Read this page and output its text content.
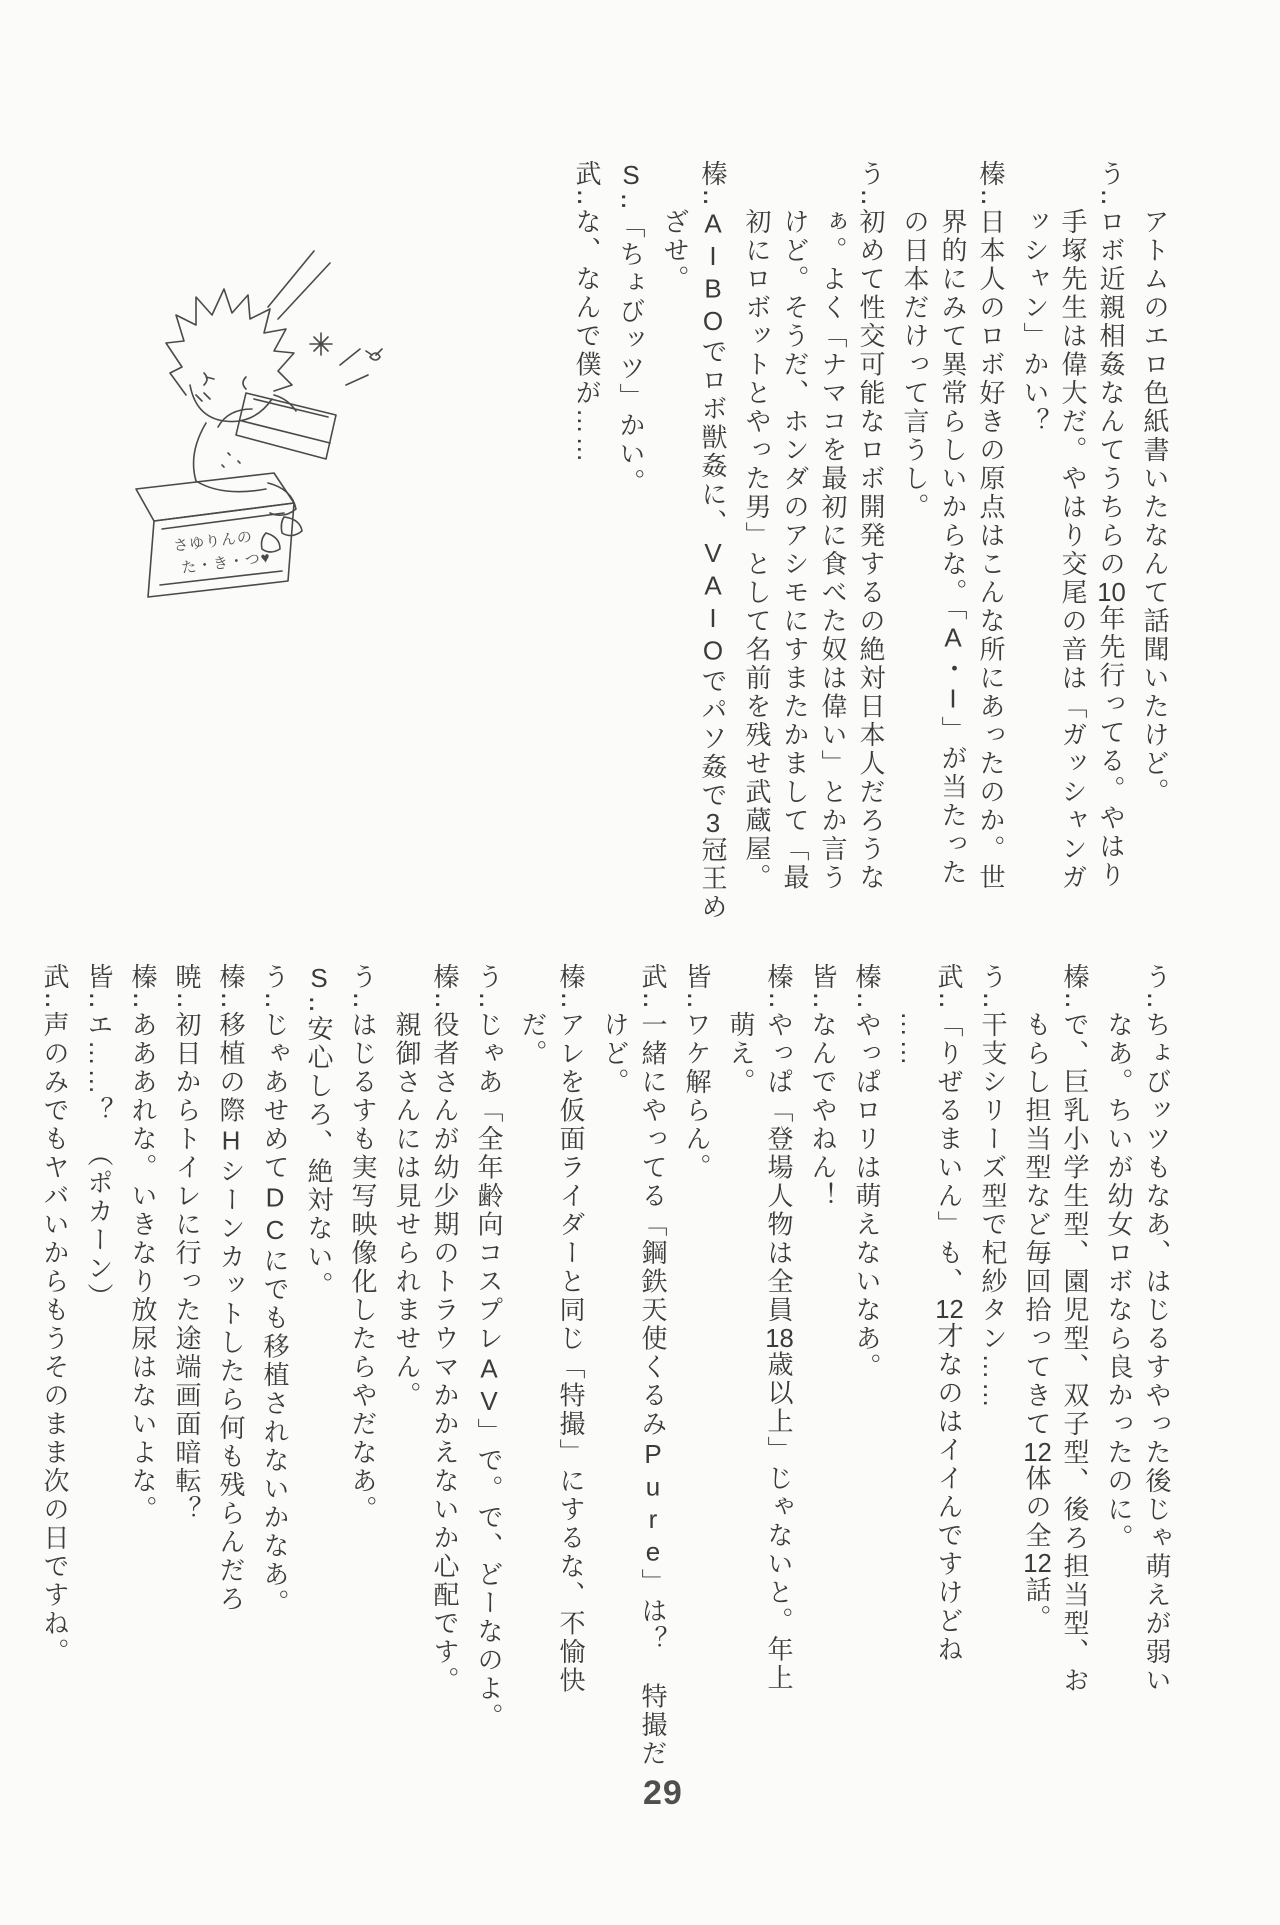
さゆりんの
た・き・つ♥	アトムのエロ色紙書いたなんて話聞いたけど。

う‥ロボ近親相姦なんてうちらの10年先行ってる。やはり

手塚先生は偉大だ。やはり交尾の音は「ガッシャンガ

ッシャン」かい？

榛‥日本人のロボ好きの原点はこんな所にあったのか。世

界的にみて異常らしいからな。「A・I」が当たった

の日本だけって言うし。

う‥初めて性交可能なロボ開発するの絶対日本人だろうな

ぁ。よく「ナマコを最初に食べた奴は偉い」とか言う

けど。そうだ、ホンダのアシモにすまたかまして「最

初にロボットとやった男」として名前を残せ武蔵屋。

榛‥AIBOでロボ獣姦に、VAIOでパソ姦で3冠王め

ざせ。

S‥「ちょびッツ」かい。

武‥な、なんで僕が……

う‥ちょびッツもなあ、はじるすやった後じゃ萌えが弱い

なあ。ちいが幼女ロボなら良かったのに。

榛‥で、巨乳小学生型、園児型、双子型、後ろ担当型、お

もらし担当型など毎回拾ってきて12体の全12話。

う‥干支シリーズ型で杞紗タン……

武‥「りぜるまいん」も、12才なのはイイんですけどね

……

榛‥やっぱロリは萌えないなあ。

皆‥なんでやねん！

榛‥やっぱ「登場人物は全員18歳以上」じゃないと。年上

萌え。

皆‥ワケ解らん。

武‥一緒にやってる「鋼鉄天使くるみPure」は？　特撮だ

けど。

榛‥アレを仮面ライダーと同じ「特撮」にするな、不愉快

だ。

う‥じゃあ「全年齢向コスプレAV」で。で、どーなのよ。

榛‥役者さんが幼少期のトラウマかかえないか心配です。

親御さんには見せられません。

う‥はじるすも実写映像化したらやだなあ。

S‥安心しろ、絶対ない。

う‥じゃあせめてDCにでも移植されないかなあ。

榛‥移植の際Hシーンカットしたら何も残らんだろ

暁‥初日からトイレに行った途端画面暗転？

榛‥あああれな。いきなり放尿はないよな。

皆‥エ……？　（ポカーン）

武‥声のみでもヤバいからもうそのまま次の日ですね。

29
